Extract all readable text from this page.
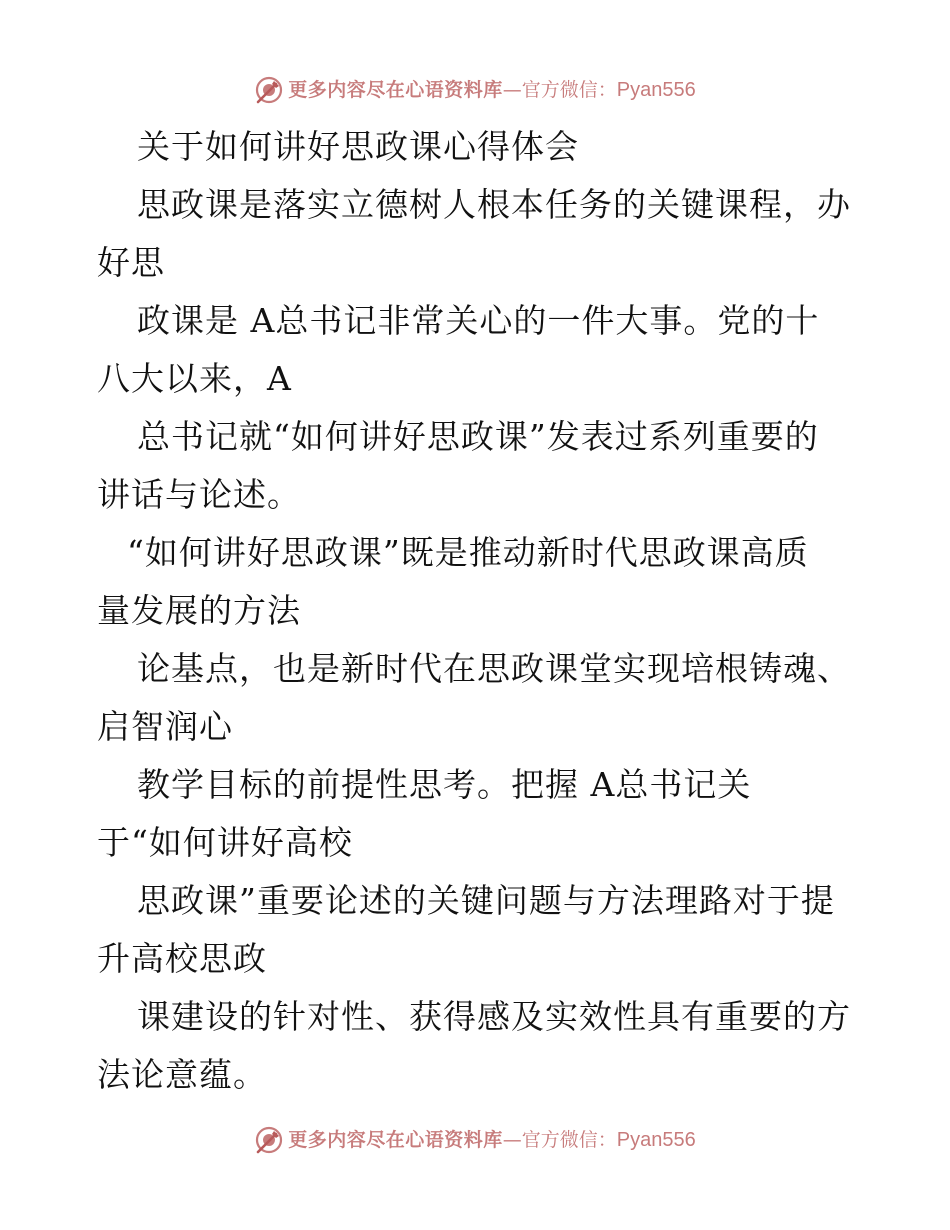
更多内容尽在心语资料库—官方微信：Pyan556

关于如何讲好思政课心得体会

思政课是落实立德树人根本任务的关键课程，办

好思

政课是 A总书记非常关心的一件大事。党的十

八大以来，A

总书记就“如何讲好思政课”发表过系列重要的

讲话与论述。

“如何讲好思政课”既是推动新时代思政课高质

量发展的方法

论基点，也是新时代在思政课堂实现培根铸魂、

启智润心

教学目标的前提性思考。把握 A总书记关

于“如何讲好高校

思政课”重要论述的关键问题与方法理路对于提

升高校思政

课建设的针对性、获得感及实效性具有重要的方

法论意蕴。

更多内容尽在心语资料库—官方微信：Pyan556
